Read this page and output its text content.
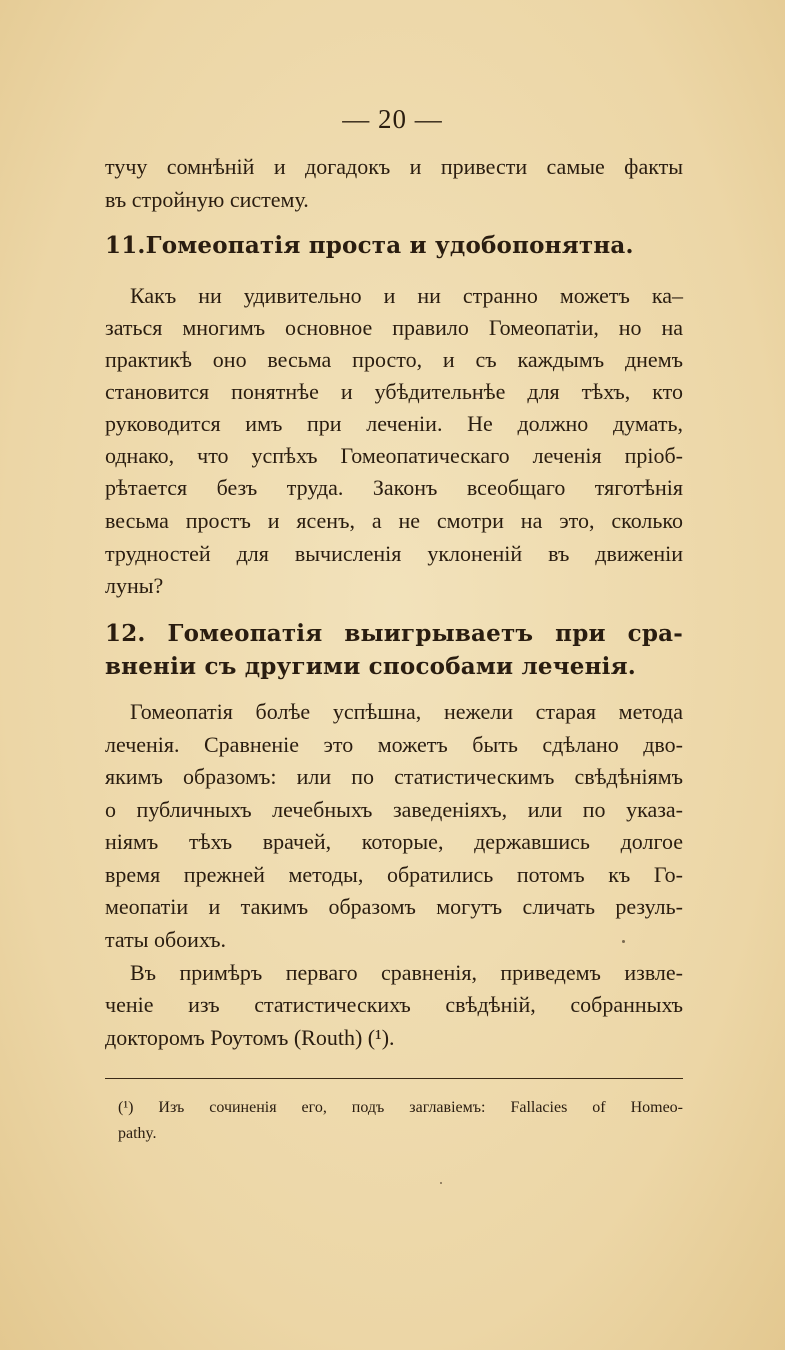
— 20 —
тучу сомнѣній и догадокъ и привести самые факты
въ стройную систему.
11.Гомеопатія проста и удобопонятна.
Какъ ни удивительно и ни странно можетъ ка–
заться многимъ основное правило Гомеопатіи, но на
практикѣ оно весьма просто, и съ каждымъ днемъ
становится понятнѣе и убѣдительнѣе для тѣхъ, кто
руководится имъ при леченіи. Не должно думать,
однако, что успѣхъ Гомеопатическаго леченія пріоб-
рѣтается безъ труда. Законъ всеобщаго тяготѣнія
весьма простъ и ясенъ, а не смотри на это, сколько
трудностей для вычисленія уклоненій въ движеніи
луны?
12. Гомеопатія выигрываетъ при сра-
вненіи съ другими способами леченія.
Гомеопатія болѣе успѣшна, нежели старая метода
леченія. Сравненіе это можетъ быть сдѣлано дво-
якимъ образомъ: или по статистическимъ свѣдѣніямъ
о публичныхъ лечебныхъ заведеніяхъ, или по указа-
ніямъ тѣхъ врачей, которые, державшись долгое
время прежней методы, обратились потомъ къ Го-
меопатіи и такимъ образомъ могутъ сличать резуль-
таты обоихъ.
Въ примѣръ перваго сравненія, приведемъ извле-
ченіе изъ статистическихъ свѣдѣній, собранныхъ
докторомъ Роутомъ (Routh) (¹).
(¹) Изъ сочиненія его, подъ заглавіемъ: Fallacies of Homeo-
pathy.
